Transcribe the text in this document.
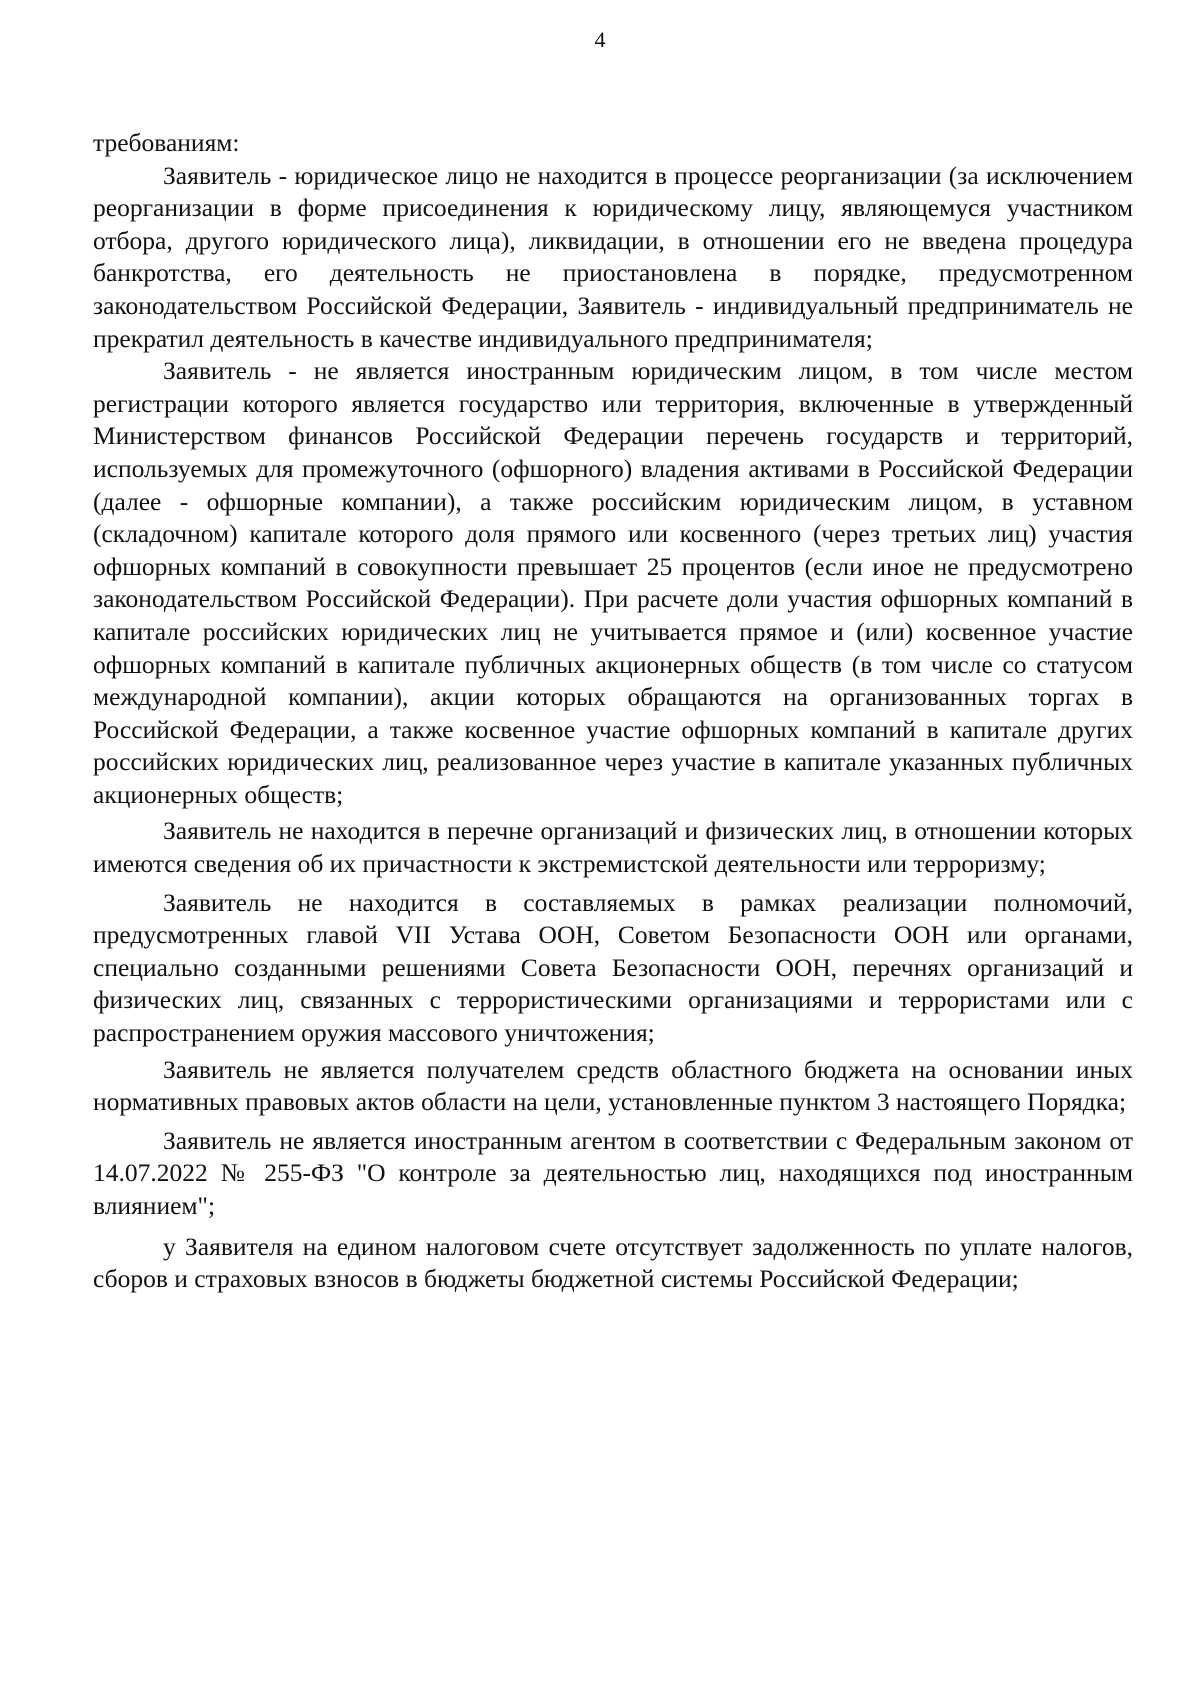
4

требованиям:

Заявитель - юридическое лицо не находится в процессе реорганизации (за исключением реорганизации в форме присоединения к юридическому лицу, являющемуся участником отбора, другого юридического лица), ликвидации, в отношении его не введена процедура банкротства, его деятельность не приостановлена в порядке, предусмотренном законодательством Российской Федерации, Заявитель - индивидуальный предприниматель не прекратил деятельность в качестве индивидуального предпринимателя;

Заявитель - не является иностранным юридическим лицом, в том числе местом регистрации которого является государство или территория, включенные в утвержденный Министерством финансов Российской Федерации перечень государств и территорий, используемых для промежуточного (офшорного) владения активами в Российской Федерации (далее - офшорные компании), а также российским юридическим лицом, в уставном (складочном) капитале которого доля прямого или косвенного (через третьих лиц) участия офшорных компаний в совокупности превышает 25 процентов (если иное не предусмотрено законодательством Российской Федерации). При расчете доли участия офшорных компаний в капитале российских юридических лиц не учитывается прямое и (или) косвенное участие офшорных компаний в капитале публичных акционерных обществ (в том числе со статусом международной компании), акции которых обращаются на организованных торгах в Российской Федерации, а также косвенное участие офшорных компаний в капитале других российских юридических лиц, реализованное через участие в капитале указанных публичных акционерных обществ;

Заявитель не находится в перечне организаций и физических лиц, в отношении которых имеются сведения об их причастности к экстремистской деятельности или терроризму;

Заявитель не находится в составляемых в рамках реализации полномочий, предусмотренных главой VII Устава ООН, Советом Безопасности ООН или органами, специально созданными решениями Совета Безопасности ООН, перечнях организаций и физических лиц, связанных с террористическими организациями и террористами или с распространением оружия массового уничтожения;

Заявитель не является получателем средств областного бюджета на основании иных нормативных правовых актов области на цели, установленные пунктом 3 настоящего Порядка;

Заявитель не является иностранным агентом в соответствии с Федеральным законом от 14.07.2022 № 255-ФЗ "О контроле за деятельностью лиц, находящихся под иностранным влиянием";

у Заявителя на едином налоговом счете отсутствует задолженность по уплате налогов, сборов и страховых взносов в бюджеты бюджетной системы Российской Федерации;
